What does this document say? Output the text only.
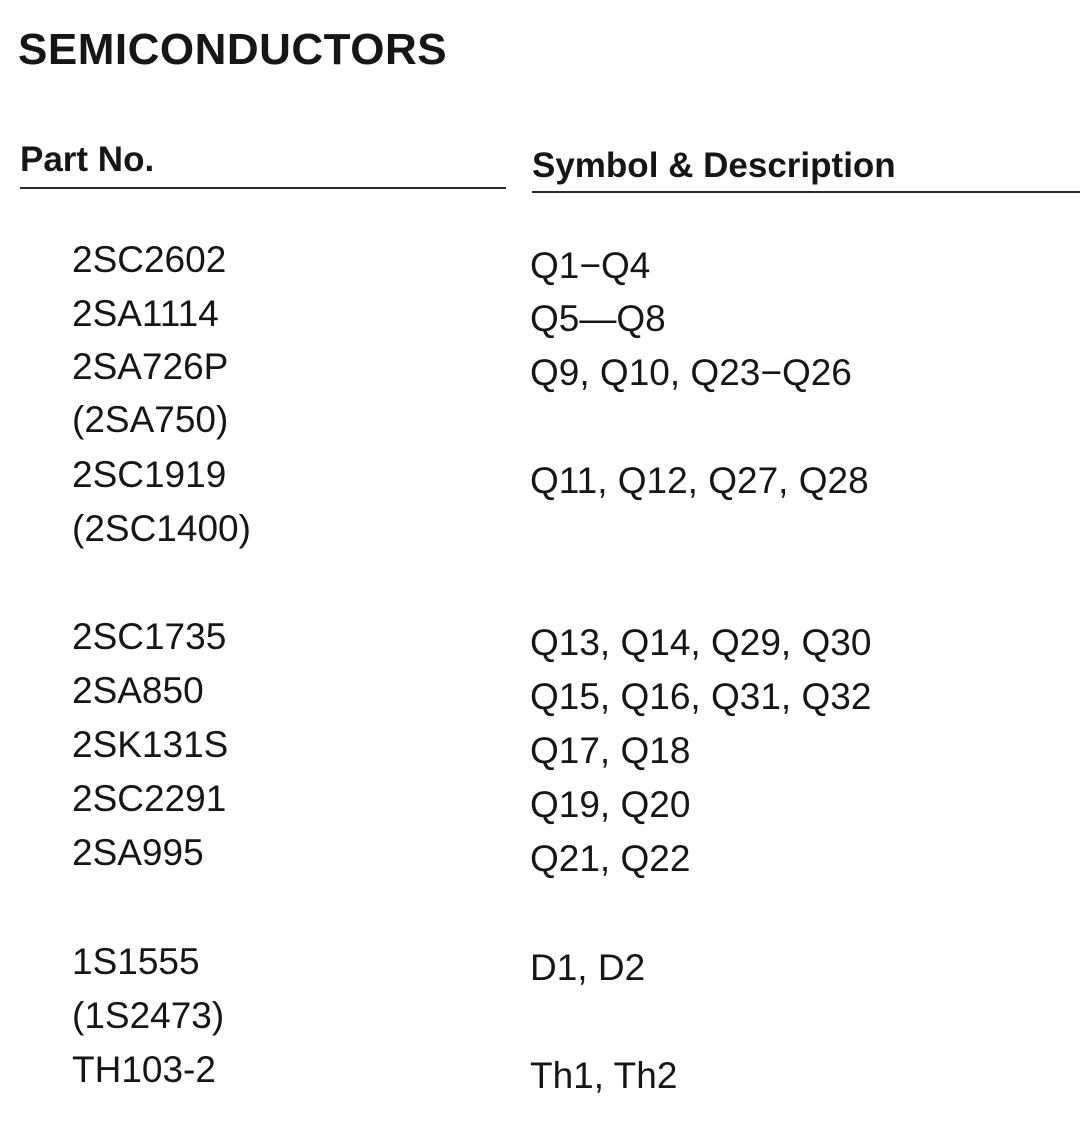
SEMICONDUCTORS
Part No.	Symbol & Description
2SC2602	Q1−Q4
2SA1114	Q5—Q8
2SA726P	Q9, Q10, Q23−Q26
(2SA750)
2SC1919	Q11, Q12, Q27, Q28
(2SC1400)
2SC1735	Q13, Q14, Q29, Q30
2SA850	Q15, Q16, Q31, Q32
2SK131S	Q17, Q18
2SC2291	Q19, Q20
2SA995	Q21, Q22
1S1555	D1, D2
(1S2473)
TH103-2	Th1, Th2
